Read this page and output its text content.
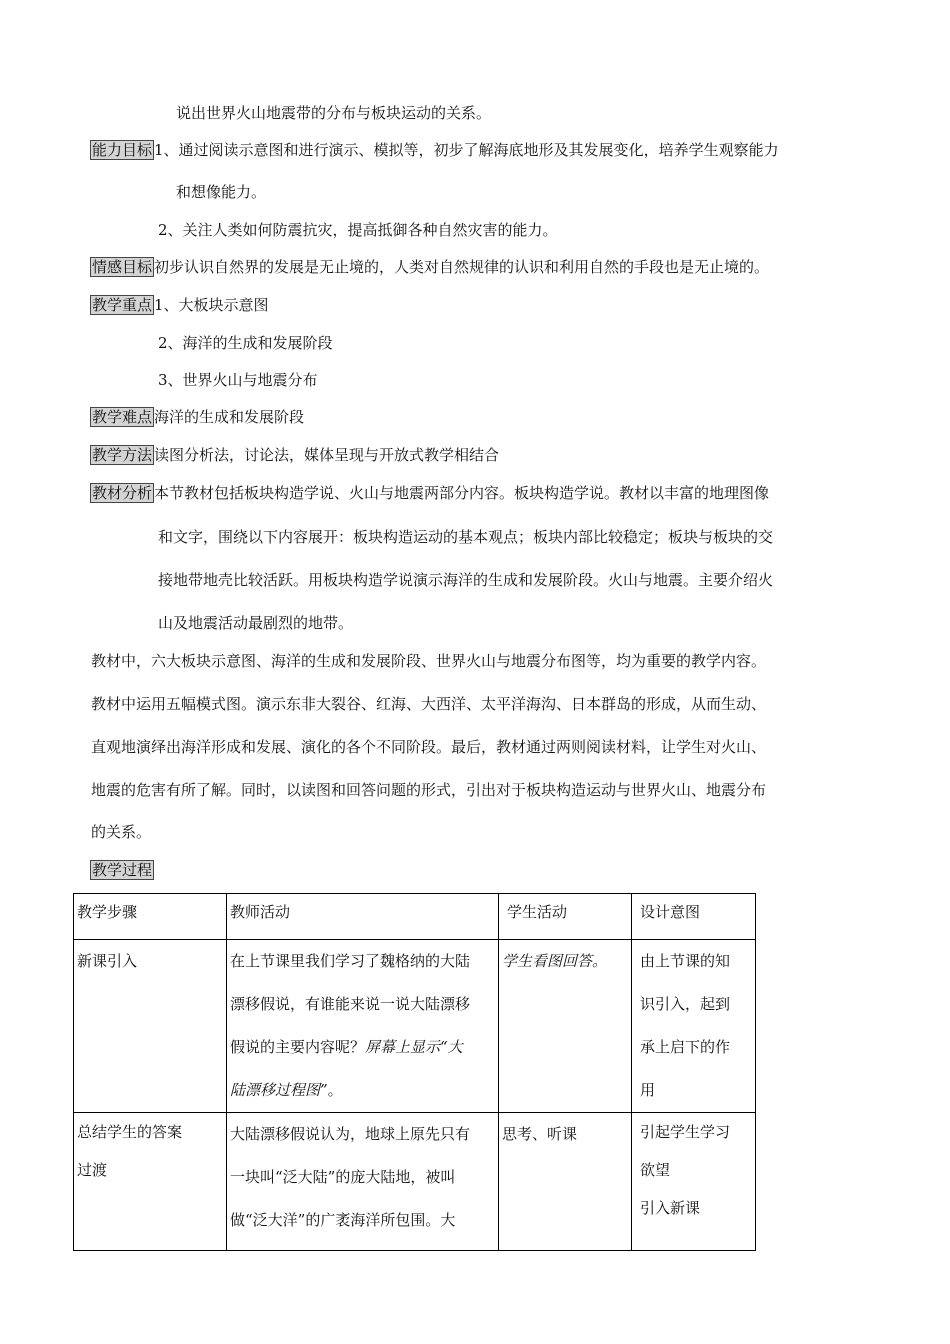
说出世界火山地震带的分布与板块运动的关系。
能力目标 1、通过阅读示意图和进行演示、模拟等，初步了解海底地形及其发展变化，培养学生观察能力
和想像能力。
2、关注人类如何防震抗灾，提高抵御各种自然灾害的能力。
情感目标 初步认识自然界的发展是无止境的，人类对自然规律的认识和利用自然的手段也是无止境的。
教学重点 1、大板块示意图
2、海洋的生成和发展阶段
3、世界火山与地震分布
教学难点 海洋的生成和发展阶段
教学方法 读图分析法，讨论法，媒体呈现与开放式教学相结合
教材分析 本节教材包括板块构造学说、火山与地震两部分内容。板块构造学说。教材以丰富的地理图像
和文字，围绕以下内容展开：板块构造运动的基本观点；板块内部比较稳定；板块与板块的交
接地带地壳比较活跃。用板块构造学说演示海洋的生成和发展阶段。火山与地震。主要介绍火
山及地震活动最剧烈的地带。
教材中，六大板块示意图、海洋的生成和发展阶段、世界火山与地震分布图等，均为重要的教学内容。
教材中运用五幅模式图。演示东非大裂谷、红海、大西洋、太平洋海沟、日本群岛的形成，从而生动、
直观地演绎出海洋形成和发展、演化的各个不同阶段。最后，教材通过两则阅读材料，让学生对火山、
地震的危害有所了解。同时，以读图和回答问题的形式，引出对于板块构造运动与世界火山、地震分布
的关系。
教学过程
教学步骤	教师活动	学生活动	设计意图

新课引入	在上节课里我们学习了魏格纳的大陆
漂移假说，有谁能来说一说大陆漂移
假说的主要内容呢？屏幕上显示“大
陆漂移过程图”。	学生看图回答。	由上节课的知
识引入，起到
承上启下的作
用

总结学生的答案
过渡	大陆漂移假说认为，地球上原先只有
一块叫“泛大陆”的庞大陆地，被叫
做“泛大洋”的广袤海洋所包围。大	思考、听课	引起学生学习
欲望
引入新课
